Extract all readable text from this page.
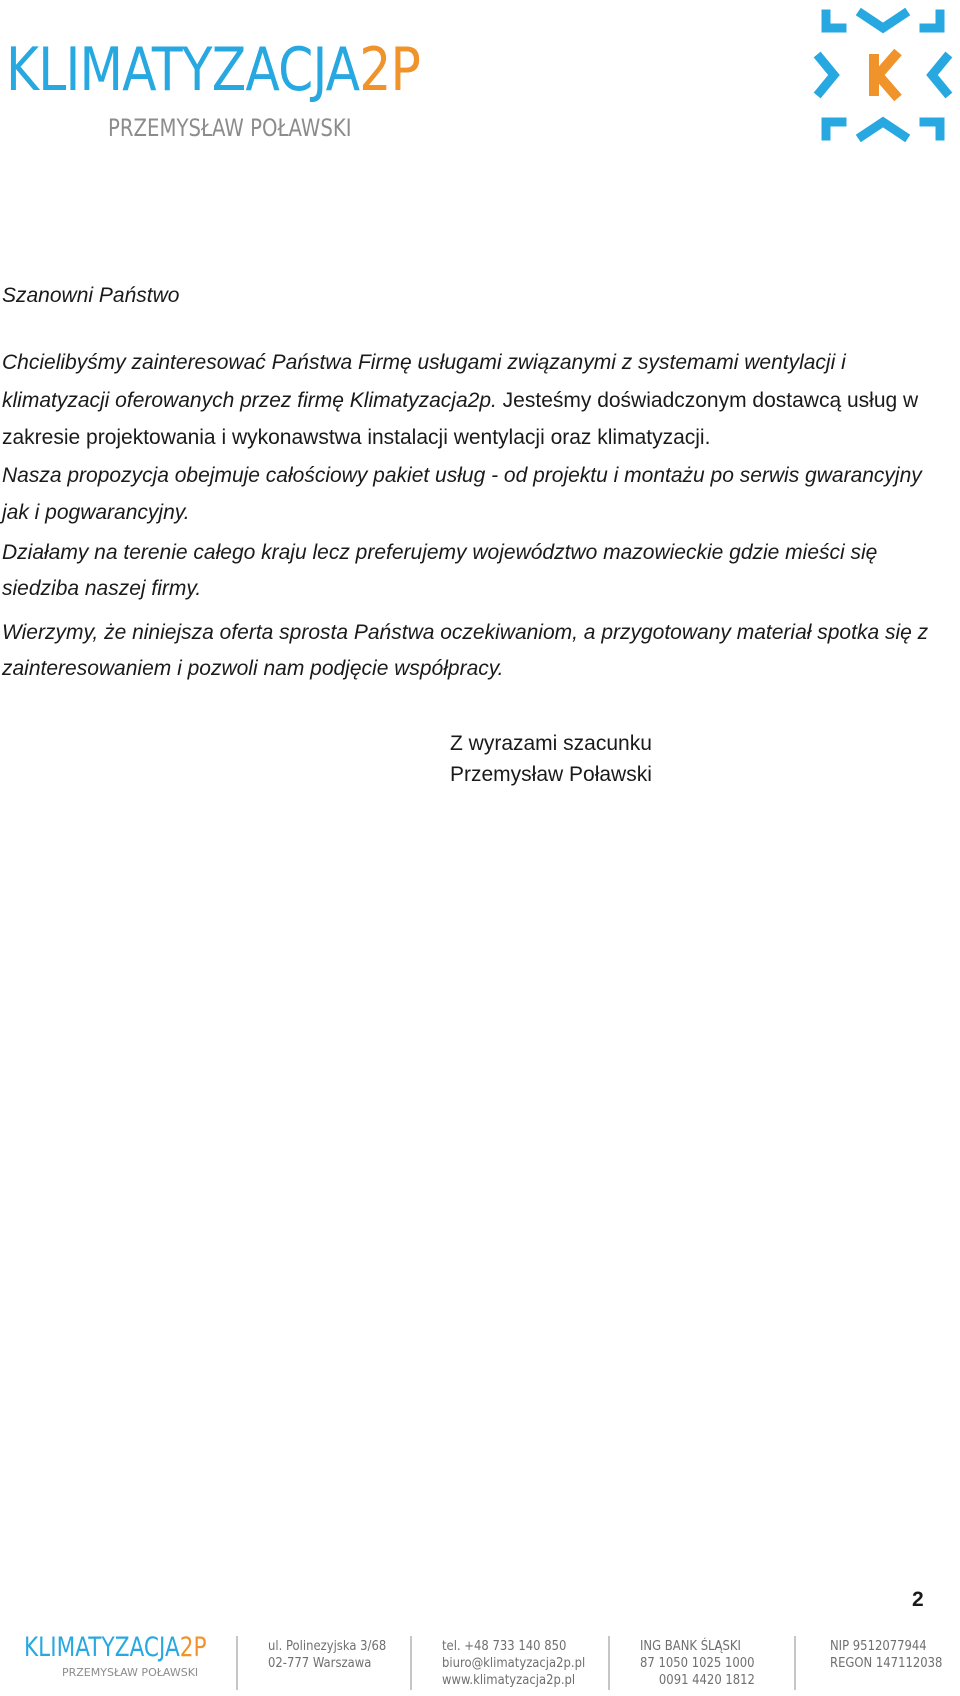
KLIMATYZACJA2P
PRZEMYSŁAW POŁAWSKI
Szanowni Państwo
Chcielibyśmy zainteresować Państwa Firmę usługami związanymi z systemami wentylacji i klimatyzacji oferowanych przez firmę Klimatyzacja2p. Jesteśmy doświadczonym dostawcą usług w zakresie projektowania i wykonawstwa instalacji wentylacji oraz klimatyzacji.
Nasza propozycja obejmuje całościowy pakiet usług - od projektu i montażu po serwis gwarancyjny jak i pogwarancyjny.
Działamy na terenie całego kraju lecz preferujemy województwo mazowieckie gdzie mieści się siedziba naszej firmy.
Wierzymy, że niniejsza oferta sprosta Państwa oczekiwaniom, a przygotowany materiał spotka się z zainteresowaniem i pozwoli nam podjęcie współpracy.
Z wyrazami szacunku
Przemysław Poławski
2
KLIMATYZACJA2P
PRZEMYSŁAW POŁAWSKI
ul. Polinezyjska 3/68
02-777 Warszawa
tel. +48 733 140 850
biuro@klimatyzacja2p.pl
www.klimatyzacja2p.pl
ING BANK ŚLĄSKI
87 1050 1025 1000
0091 4420 1812
NIP 9512077944
REGON 147112038
